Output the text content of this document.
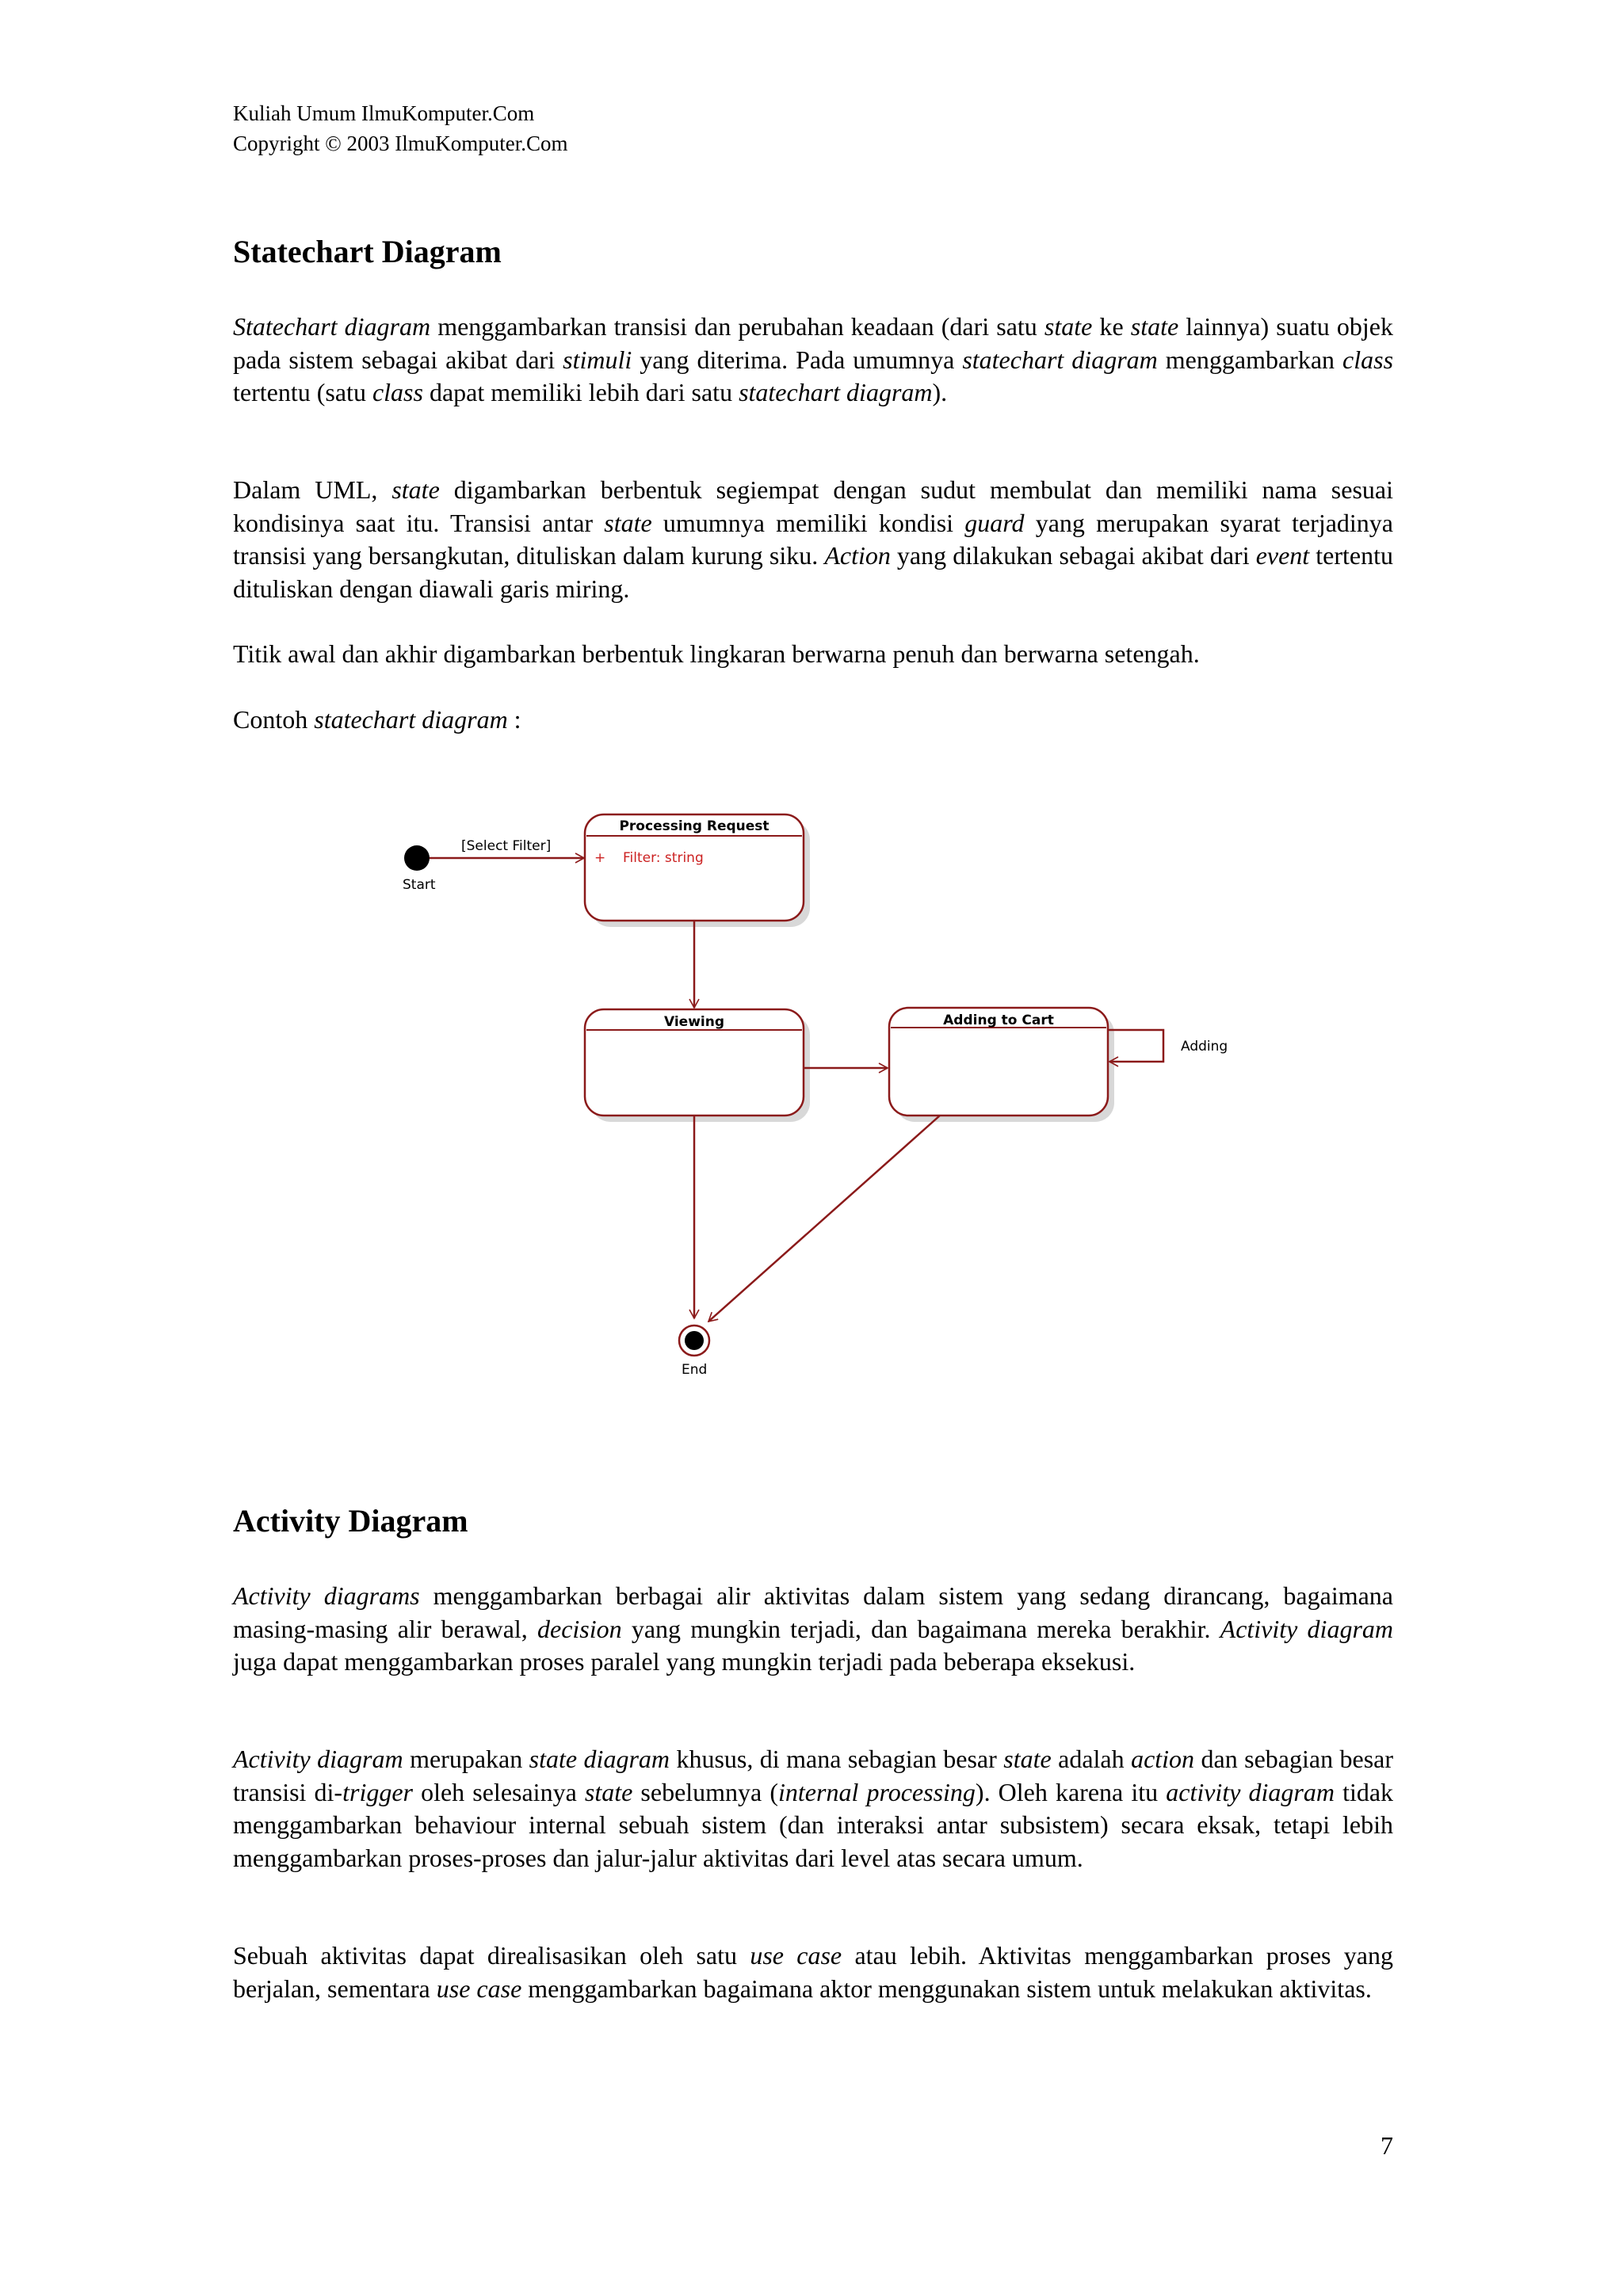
Kuliah Umum IlmuKomputer.Com
Copyright © 2003 IlmuKomputer.Com
Statechart Diagram

Statechart diagram menggambarkan transisi dan perubahan keadaan (dari satu state ke state lainnya) suatu objek pada sistem sebagai akibat dari stimuli yang diterima. Pada umumnya statechart diagram menggambarkan class tertentu (satu class dapat memiliki lebih dari satu statechart diagram).

Dalam UML, state digambarkan berbentuk segiempat dengan sudut membulat dan memiliki nama sesuai kondisinya saat itu. Transisi antar state umumnya memiliki kondisi guard yang merupakan syarat terjadinya transisi yang bersangkutan, dituliskan dalam kurung siku. Action yang dilakukan sebagai akibat dari event tertentu dituliskan dengan diawali garis miring.

Titik awal dan akhir digambarkan berbentuk lingkaran berwarna penuh dan berwarna setengah.

Contoh statechart diagram :

Start
[Select Filter]
Processing Request
+ Filter: string
Viewing	Adding to Cart
Adding
End
Activity Diagram

Activity diagrams menggambarkan berbagai alir aktivitas dalam sistem yang sedang dirancang, bagaimana masing-masing alir berawal, decision yang mungkin terjadi, dan bagaimana mereka berakhir. Activity diagram juga dapat menggambarkan proses paralel yang mungkin terjadi pada beberapa eksekusi.

Activity diagram merupakan state diagram khusus, di mana sebagian besar state adalah action dan sebagian besar transisi di-trigger oleh selesainya state sebelumnya (internal processing). Oleh karena itu activity diagram tidak menggambarkan behaviour internal sebuah sistem (dan interaksi antar subsistem) secara eksak, tetapi lebih menggambarkan proses-proses dan jalur-jalur aktivitas dari level atas secara umum.

Sebuah aktivitas dapat direalisasikan oleh satu use case atau lebih. Aktivitas menggambarkan proses yang berjalan, sementara use case menggambarkan bagaimana aktor menggunakan sistem untuk melakukan aktivitas.

7
